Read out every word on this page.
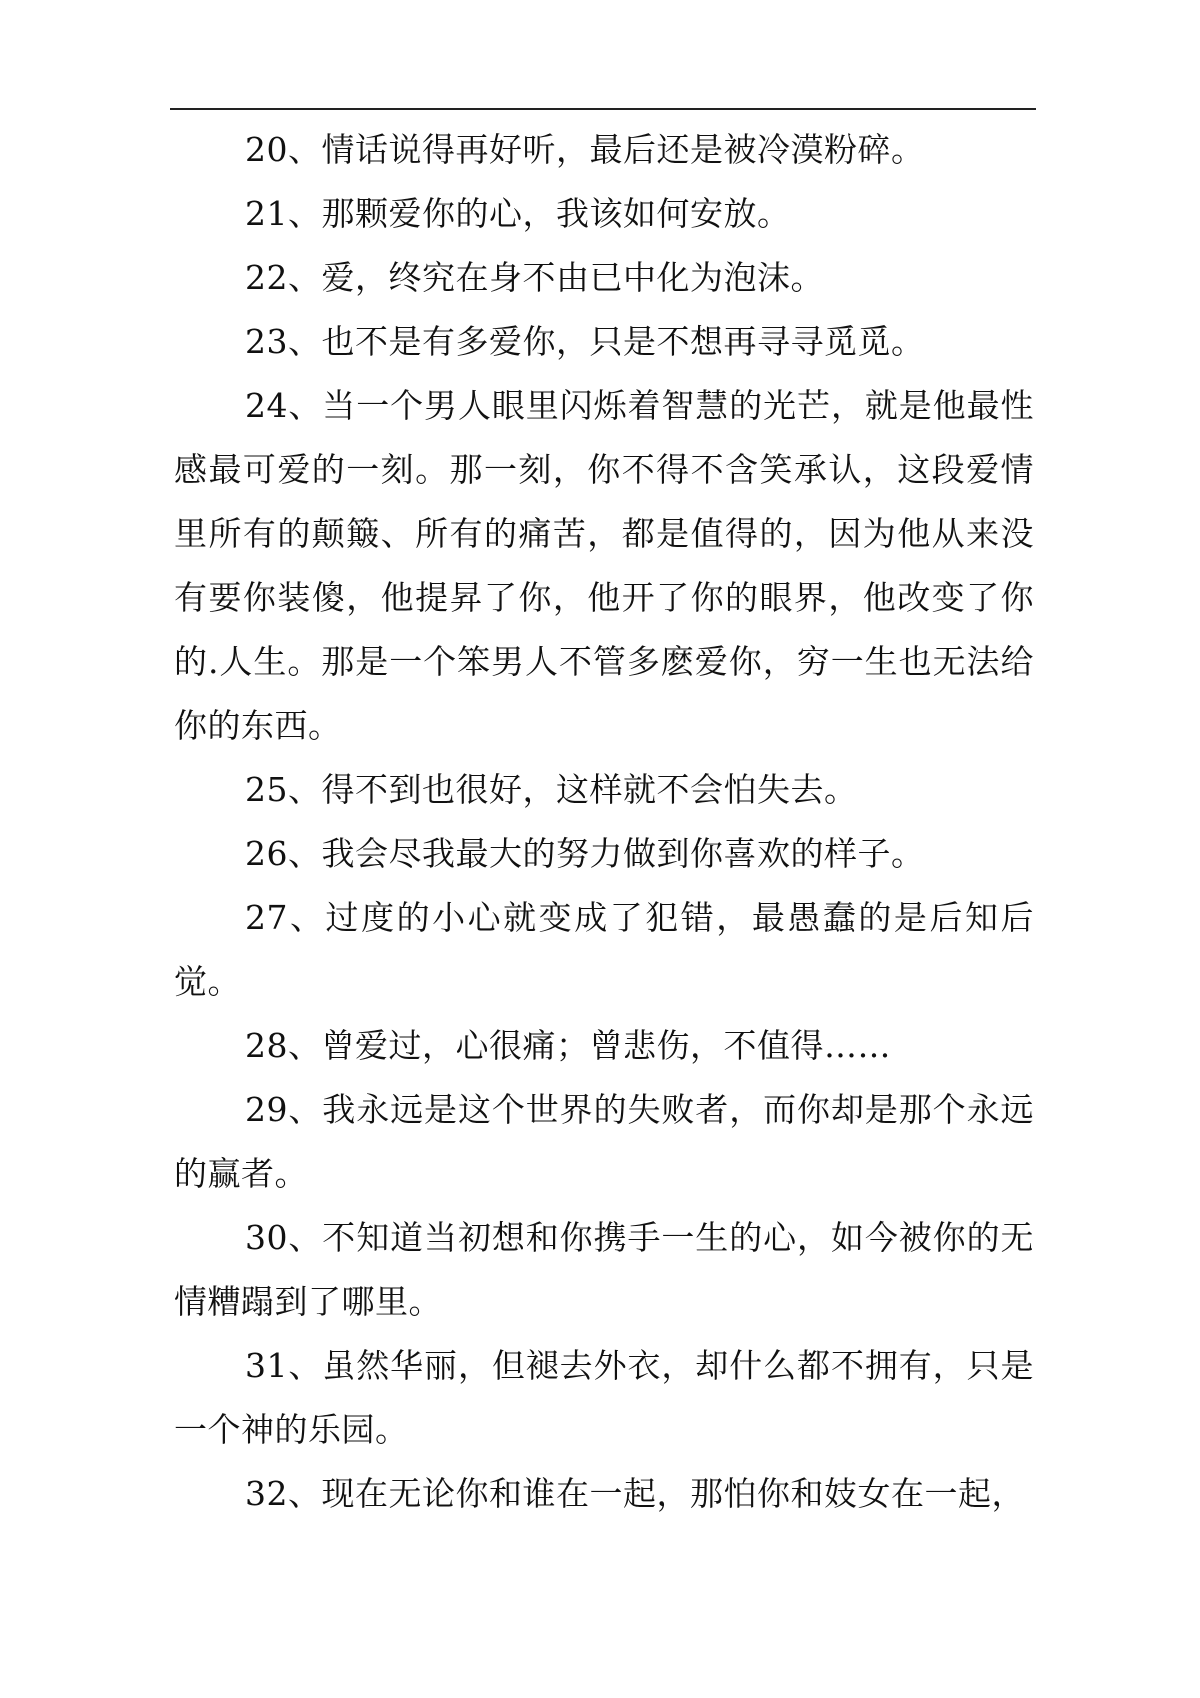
20、情话说得再好听，最后还是被冷漠粉碎。

21、那颗爱你的心，我该如何安放。

22、爱，终究在身不由已中化为泡沫。

23、也不是有多爱你，只是不想再寻寻觅觅。

24、当一个男人眼里闪烁着智慧的光芒，就是他最性感最可爱的一刻。那一刻，你不得不含笑承认，这段爱情里所有的颠簸、所有的痛苦，都是值得的，因为他从来没有要你装傻，他提昇了你，他开了你的眼界，他改变了你的.人生。那是一个笨男人不管多麽爱你，穷一生也无法给你的东西。

25、得不到也很好，这样就不会怕失去。

26、我会尽我最大的努力做到你喜欢的样子。

27、过度的小心就变成了犯错，最愚蠢的是后知后觉。

28、曾爱过，心很痛；曾悲伤，不值得……

29、我永远是这个世界的失败者，而你却是那个永远的赢者。

30、不知道当初想和你携手一生的心，如今被你的无情糟蹋到了哪里。

31、虽然华丽，但褪去外衣，却什么都不拥有，只是一个神的乐园。

32、现在无论你和谁在一起，那怕你和妓女在一起，
